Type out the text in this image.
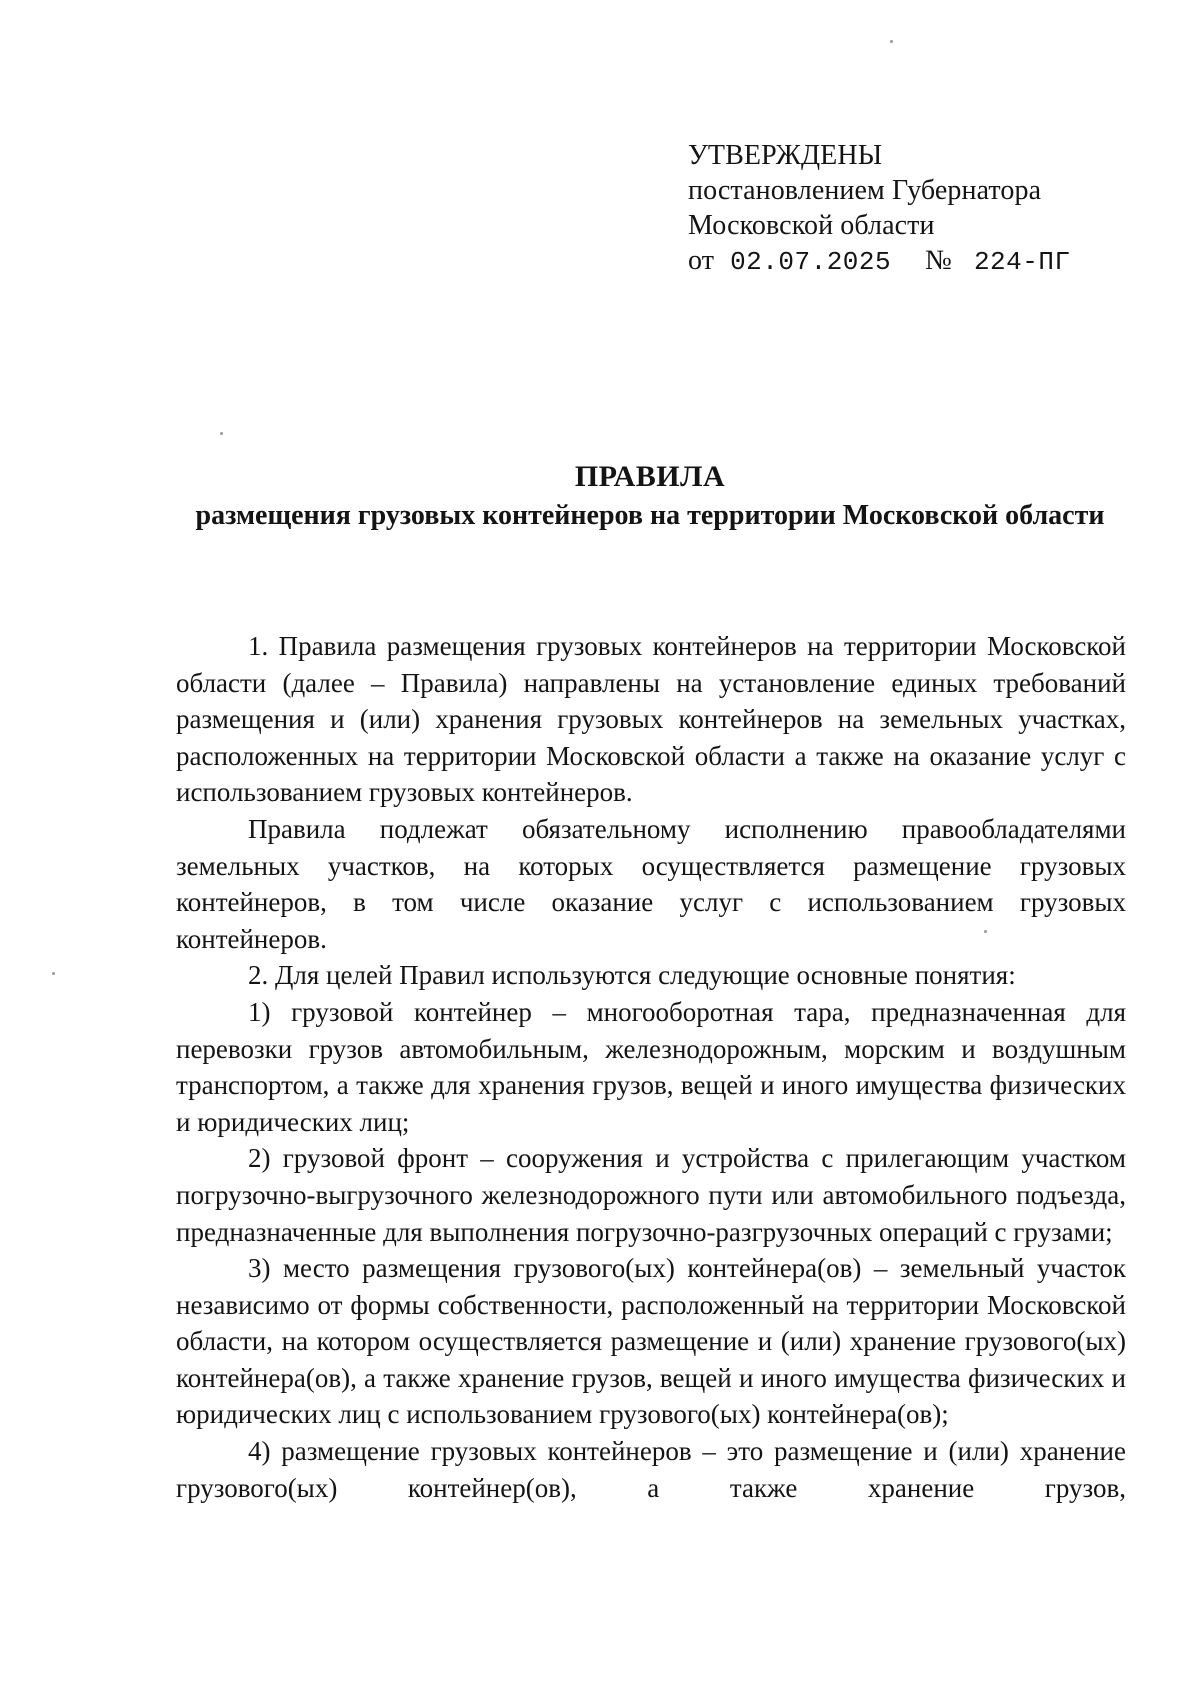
УТВЕРЖДЕНЫ
постановлением Губернатора
Московской области
от 02.07.2025 № 224-ПГ
ПРАВИЛА
размещения грузовых контейнеров на территории Московской области

1. Правила размещения грузовых контейнеров на территории Московской области (далее – Правила) направлены на установление единых требований размещения и (или) хранения грузовых контейнеров на земельных участках, расположенных на территории Московской области а также на оказание услуг с использованием грузовых контейнеров.

Правила подлежат обязательному исполнению правообладателями земельных участков, на которых осуществляется размещение грузовых контейнеров, в том числе оказание услуг с использованием грузовых контейнеров.

2. Для целей Правил используются следующие основные понятия:

1) грузовой контейнер – многооборотная тара, предназначенная для перевозки грузов автомобильным, железнодорожным, морским и воздушным транспортом, а также для хранения грузов, вещей и иного имущества физических и юридических лиц;

2) грузовой фронт – сооружения и устройства с прилегающим участком погрузочно-выгрузочного железнодорожного пути или автомобильного подъезда, предназначенные для выполнения погрузочно-разгрузочных операций с грузами;

3) место размещения грузового(ых) контейнера(ов) – земельный участок независимо от формы собственности, расположенный на территории Московской области, на котором осуществляется размещение и (или) хранение грузового(ых) контейнера(ов), а также хранение грузов, вещей и иного имущества физических и юридических лиц с использованием грузового(ых) контейнера(ов);

4) размещение грузовых контейнеров – это размещение и (или) хранение грузового(ых) контейнер(ов), а также хранение грузов,
